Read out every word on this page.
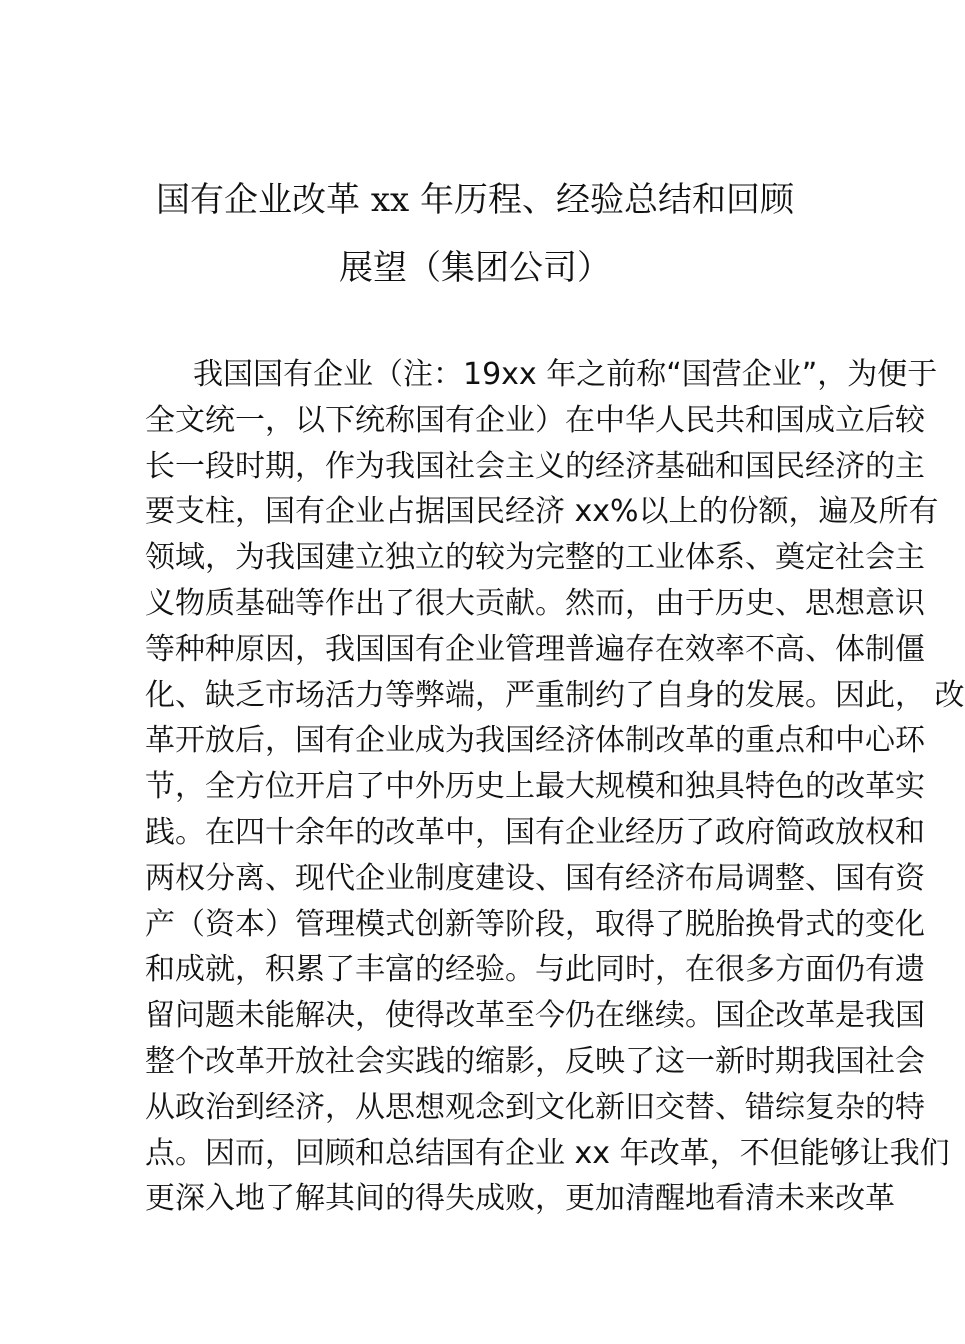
国有企业改革 xx 年历程、经验总结和回顾
展望（集团公司）
我国国有企业（注：19xx 年之前称“国营企业”，为便于
全文统一，以下统称国有企业）在中华人民共和国成立后较
长一段时期，作为我国社会主义的经济基础和国民经济的主
要支柱，国有企业占据国民经济 xx%以上的份额，遍及所有
领域，为我国建立独立的较为完整的工业体系、奠定社会主
义物质基础等作出了很大贡献。然而，由于历史、思想意识
等种种原因，我国国有企业管理普遍存在效率不高、体制僵
化、缺乏市场活力等弊端，严重制约了自身的发展。因此， 改
革开放后，国有企业成为我国经济体制改革的重点和中心环
节，全方位开启了中外历史上最大规模和独具特色的改革实
践。在四十余年的改革中，国有企业经历了政府简政放权和
两权分离、现代企业制度建设、国有经济布局调整、国有资
产（资本）管理模式创新等阶段，取得了脱胎换骨式的变化
和成就，积累了丰富的经验。与此同时，在很多方面仍有遗
留问题未能解决，使得改革至今仍在继续。国企改革是我国
整个改革开放社会实践的缩影，反映了这一新时期我国社会
从政治到经济，从思想观念到文化新旧交替、错综复杂的特
点。因而，回顾和总结国有企业 xx 年改革，不但能够让我们
更深入地了解其间的得失成败，更加清醒地看清未来改革
